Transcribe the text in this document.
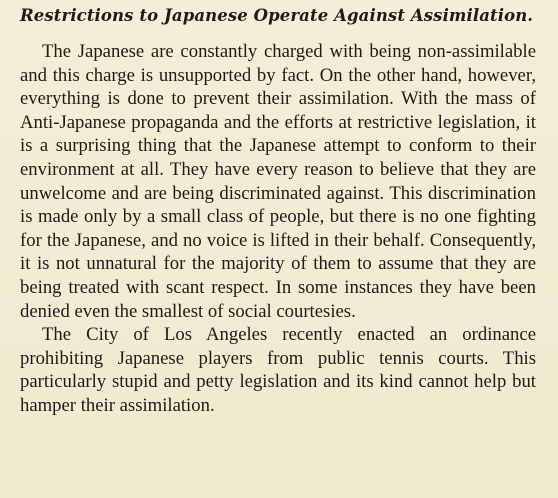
Restrictions to Japanese Operate Against Assimilation.

The Japanese are constantly charged with being non-assimilable and this charge is unsupported by fact. On the other hand, however, everything is done to prevent their assimilation. With the mass of Anti-Japanese propaganda and the efforts at restrictive legislation, it is a surprising thing that the Japanese attempt to conform to their environment at all. They have every reason to believe that they are unwelcome and are being discriminated against. This discrimination is made only by a small class of people, but there is no one fighting for the Japanese, and no voice is lifted in their behalf. Consequently, it is not unnatural for the majority of them to assume that they are being treated with scant respect. In some instances they have been denied even the smallest of social courtesies.

The City of Los Angeles recently enacted an ordinance prohibiting Japanese players from public tennis courts. This particularly stupid and petty legislation and its kind cannot help but hamper their assimilation.
